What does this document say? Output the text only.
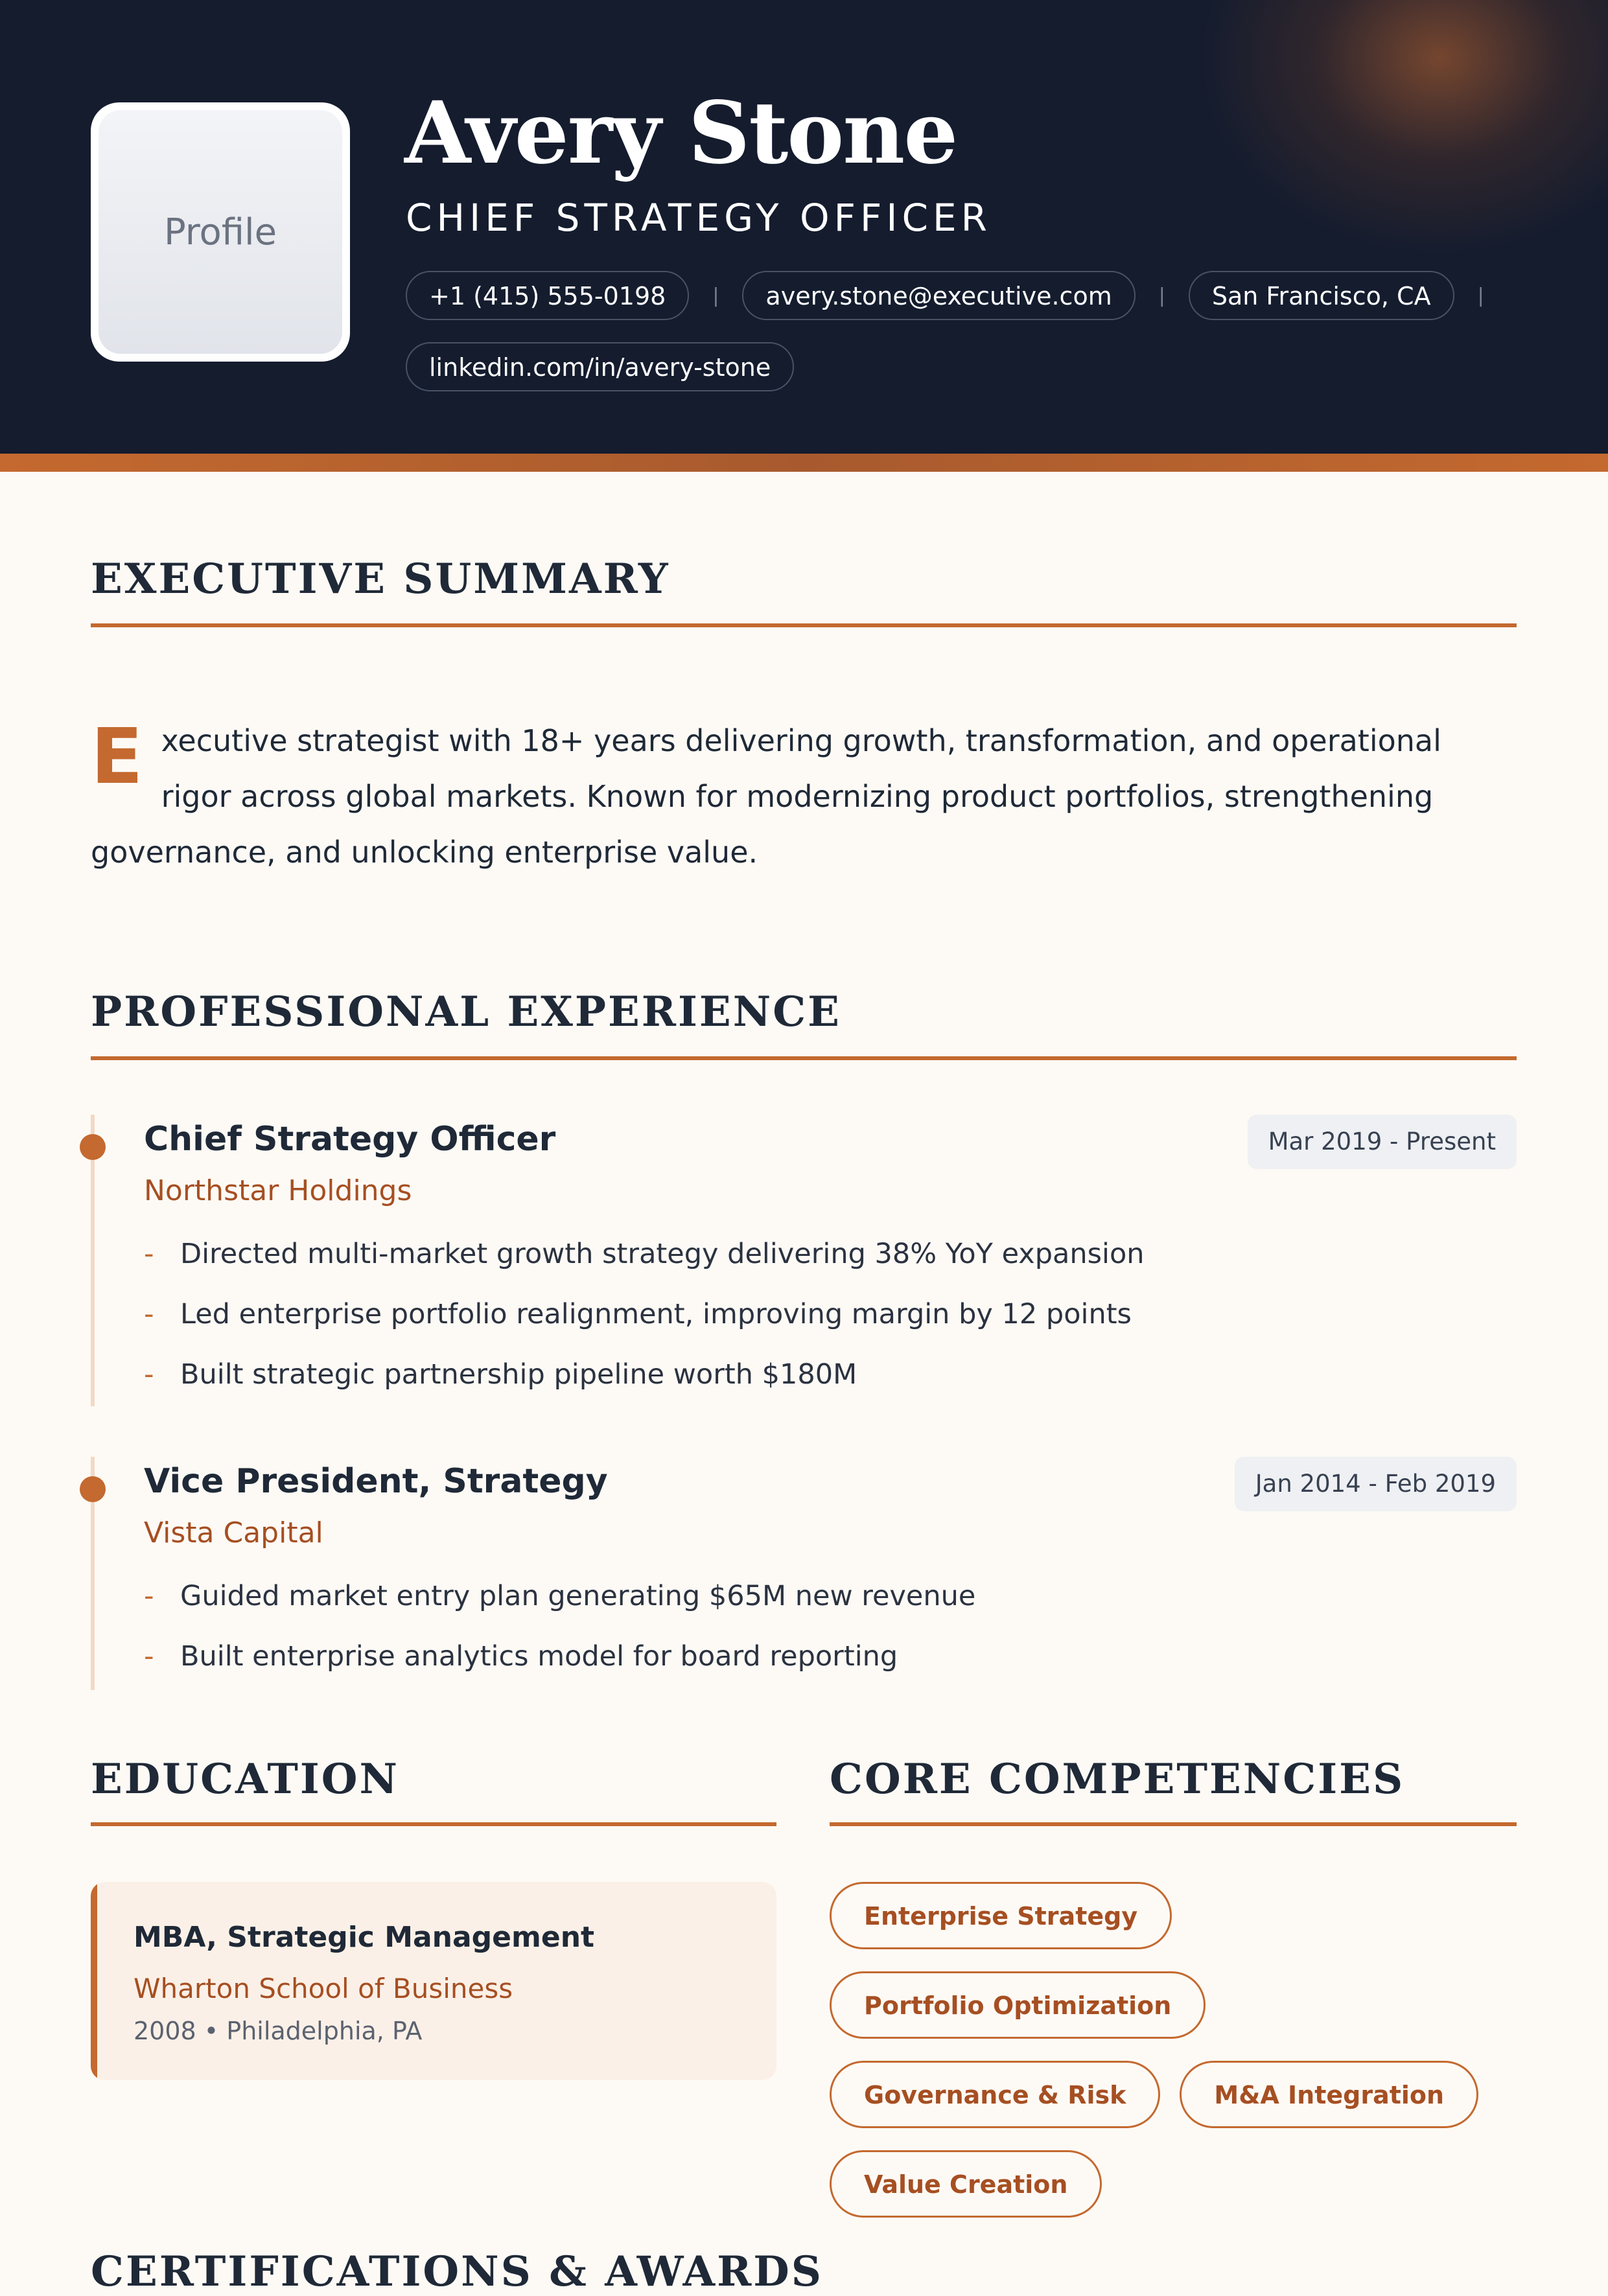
Profile
Avery Stone
CHIEF STRATEGY OFFICER
+1 (415) 555-0198	|	avery.stone@executive.com	|	San Francisco, CA	|
linkedin.com/in/avery-stone
EXECUTIVE SUMMARY
Executive strategist with 18+ years delivering growth, transformation, and operational rigor across global markets. Known for modernizing product portfolios, strengthening governance, and unlocking enterprise value.
PROFESSIONAL EXPERIENCE
Chief Strategy Officer
Northstar Holdings
Mar 2019 - Present
- Directed multi-market growth strategy delivering 38% YoY expansion
- Led enterprise portfolio realignment, improving margin by 12 points
- Built strategic partnership pipeline worth $180M
Vice President, Strategy
Vista Capital
Jan 2014 - Feb 2019
- Guided market entry plan generating $65M new revenue
- Built enterprise analytics model for board reporting
EDUCATION
MBA, Strategic Management
Wharton School of Business
2008 • Philadelphia, PA
CORE COMPETENCIES
Enterprise Strategy
Portfolio Optimization
Governance & Risk	M&A Integration
Value Creation
CERTIFICATIONS & AWARDS
